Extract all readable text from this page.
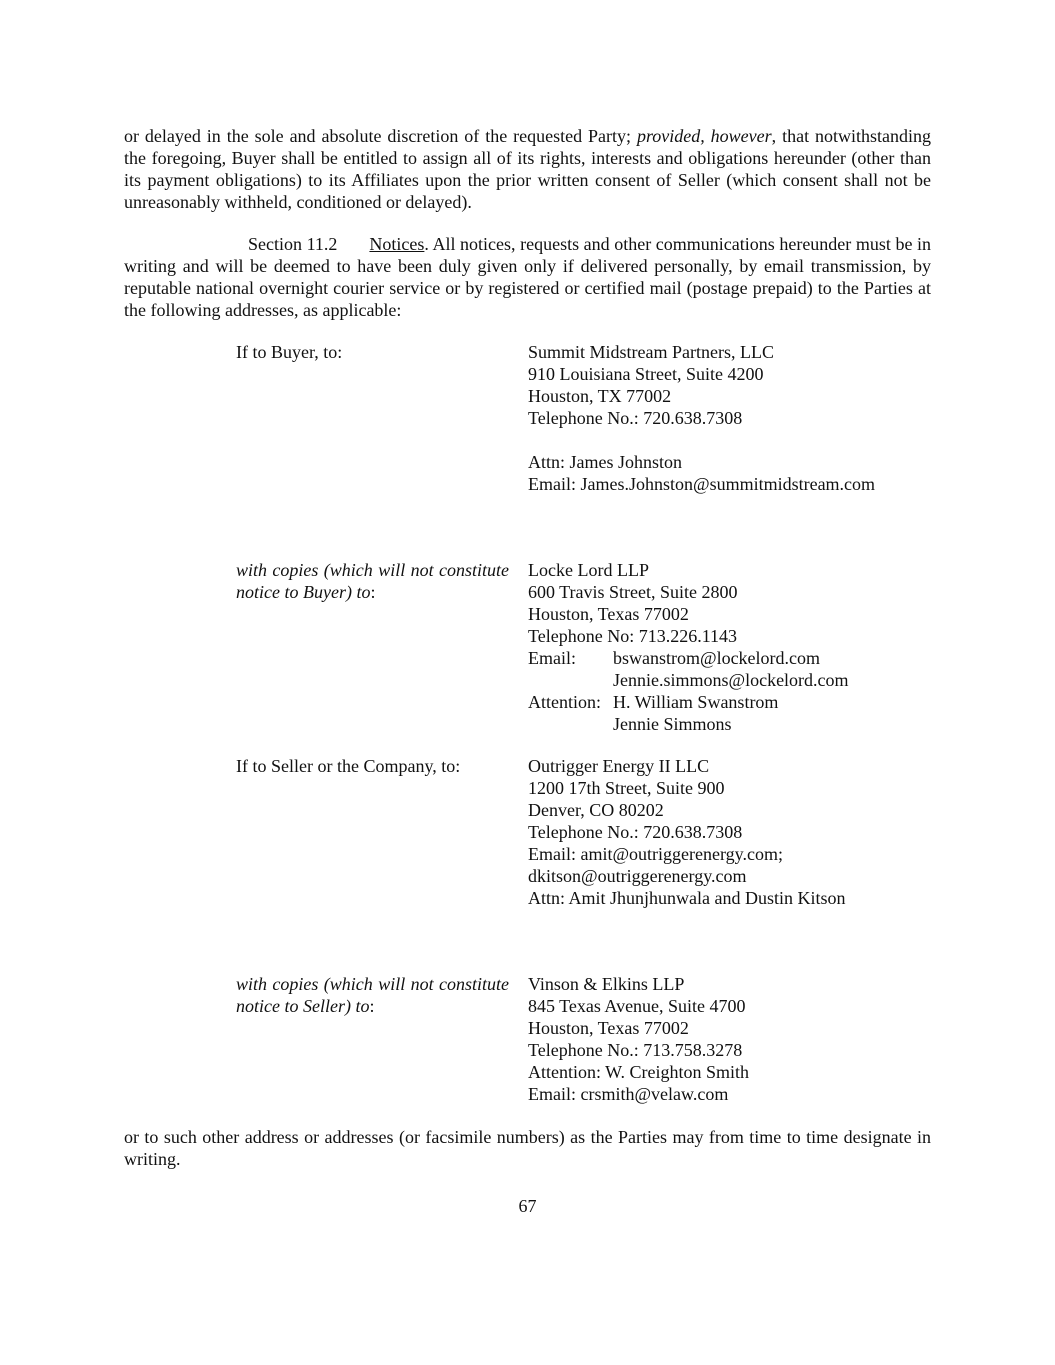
or delayed in the sole and absolute discretion of the requested Party; provided, however, that notwithstanding the foregoing, Buyer shall be entitled to assign all of its rights, interests and obligations hereunder (other than its payment obligations) to its Affiliates upon the prior written consent of Seller (which consent shall not be unreasonably withheld, conditioned or delayed).

Section 11.2 Notices. All notices, requests and other communications hereunder must be in writing and will be deemed to have been duly given only if delivered personally, by email transmission, by reputable national overnight courier service or by registered or certified mail (postage prepaid) to the Parties at the following addresses, as applicable:

If to Buyer, to:	Summit Midstream Partners, LLC
910 Louisiana Street, Suite 4200
Houston, TX 77002
Telephone No.: 720.638.7308
Attn: James Johnston
Email: James.Johnston@summitmidstream.com

with copies (which will not constitute notice to Buyer) to:

Locke Lord LLP
600 Travis Street, Suite 2800
Houston, Texas 77002
Telephone No: 713.226.1143
Email: bswanstrom@lockelord.com
Jennie.simmons@lockelord.com
Attention: H. William Swanstrom
Jennie Simmons

If to Seller or the Company, to:	Outrigger Energy II LLC
1200 17th Street, Suite 900
Denver, CO 80202
Telephone No.: 720.638.7308
Email: amit@outriggerenergy.com;
dkitson@outriggerenergy.com
Attn: Amit Jhunjhunwala and Dustin Kitson

with copies (which will not constitute notice to Seller) to:

Vinson & Elkins LLP
845 Texas Avenue, Suite 4700
Houston, Texas 77002
Telephone No.: 713.758.3278
Attention: W. Creighton Smith
Email: crsmith@velaw.com

or to such other address or addresses (or facsimile numbers) as the Parties may from time to time designate in writing.

67
